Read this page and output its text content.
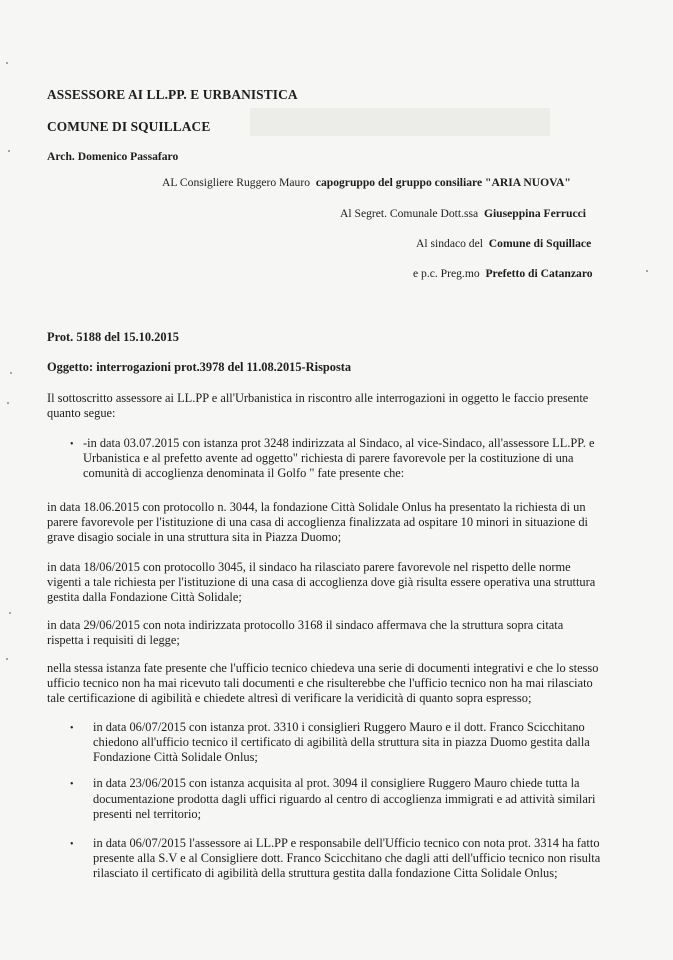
ASSESSORE AI LL.PP. E URBANISTICA
COMUNE DI SQUILLACE
Arch. Domenico Passafaro
AL Consigliere Ruggero Mauro capogruppo del gruppo consiliare "ARIA NUOVA"
Al Segret. Comunale Dott.ssa Giuseppina Ferrucci
Al sindaco del Comune di Squillace
e p.c. Preg.mo Prefetto di Catanzaro
Prot. 5188 del 15.10.2015
Oggetto: interrogazioni prot.3978 del 11.08.2015-Risposta
Il sottoscritto assessore ai LL.PP e all'Urbanistica in riscontro alle interrogazioni in oggetto le faccio presente
quanto segue:
• -in data 03.07.2015 con istanza prot 3248 indirizzata al Sindaco, al vice-Sindaco, all'assessore LL.PP. e
Urbanistica e al prefetto avente ad oggetto" richiesta di parere favorevole per la costituzione di una
comunità di accoglienza denominata il Golfo " fate presente che:
in data 18.06.2015 con protocollo n. 3044, la fondazione Città Solidale Onlus ha presentato la richiesta di un
parere favorevole per l'istituzione di una casa di accoglienza finalizzata ad ospitare 10 minori in situazione di
grave disagio sociale in una struttura sita in Piazza Duomo;
in data 18/06/2015 con protocollo 3045, il sindaco ha rilasciato parere favorevole nel rispetto delle norme
vigenti a tale richiesta per l'istituzione di una casa di accoglienza dove già risulta essere operativa una struttura
gestita dalla Fondazione Città Solidale;
in data 29/06/2015 con nota indirizzata protocollo 3168 il sindaco affermava che la struttura sopra citata
rispetta i requisiti di legge;
nella stessa istanza fate presente che l'ufficio tecnico chiedeva una serie di documenti integrativi e che lo stesso
ufficio tecnico non ha mai ricevuto tali documenti e che risulterebbe che l'ufficio tecnico non ha mai rilasciato
tale certificazione di agibilità e chiedete altresì di verificare la veridicità di quanto sopra espresso;
• in data 06/07/2015 con istanza prot. 3310 i consiglieri Ruggero Mauro e il dott. Franco Scicchitano
chiedono all'ufficio tecnico il certificato di agibilità della struttura sita in piazza Duomo gestita dalla
Fondazione Città Solidale Onlus;
• in data 23/06/2015 con istanza acquisita al prot. 3094 il consigliere Ruggero Mauro chiede tutta la
documentazione prodotta dagli uffici riguardo al centro di accoglienza immigrati e ad attività similari
presenti nel territorio;
• in data 06/07/2015 l'assessore ai LL.PP e responsabile dell'Ufficio tecnico con nota prot. 3314 ha fatto
presente alla S.V e al Consigliere dott. Franco Scicchitano che dagli atti dell'ufficio tecnico non risulta
rilasciato il certificato di agibilità della struttura gestita dalla fondazione Citta Solidale Onlus;
